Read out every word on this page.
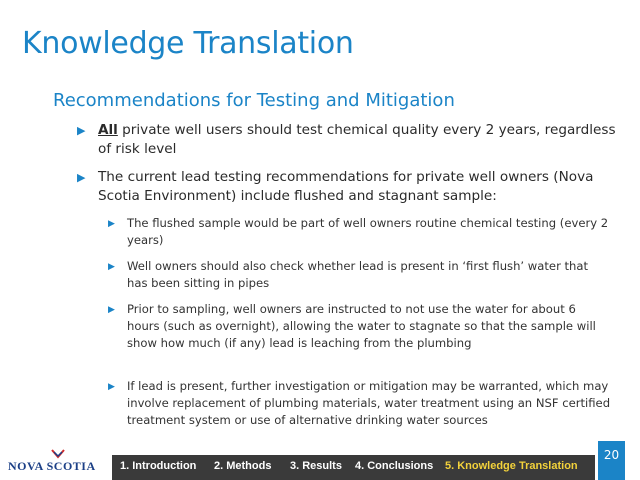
Knowledge Translation
Recommendations for Testing and Mitigation
▶ All private well users should test chemical quality every 2 years, regardless of risk level
▶ The current lead testing recommendations for private well owners (Nova Scotia Environment) include flushed and stagnant sample:
▶ The flushed sample would be part of well owners routine chemical testing (every 2 years)
▶ Well owners should also check whether lead is present in ‘first flush’ water that has been sitting in pipes
▶ Prior to sampling, well owners are instructed to not use the water for about 6 hours (such as overnight), allowing the water to stagnate so that the sample will show how much (if any) lead is leaching from the plumbing
▶ If lead is present, further investigation or mitigation may be warranted, which may involve replacement of plumbing materials, water treatment using an NSF certified treatment system or use of alternative drinking water sources
NOVA SCOTIA 1. Introduction 2. Methods 3. Results 4. Conclusions 5. Knowledge Translation
20
